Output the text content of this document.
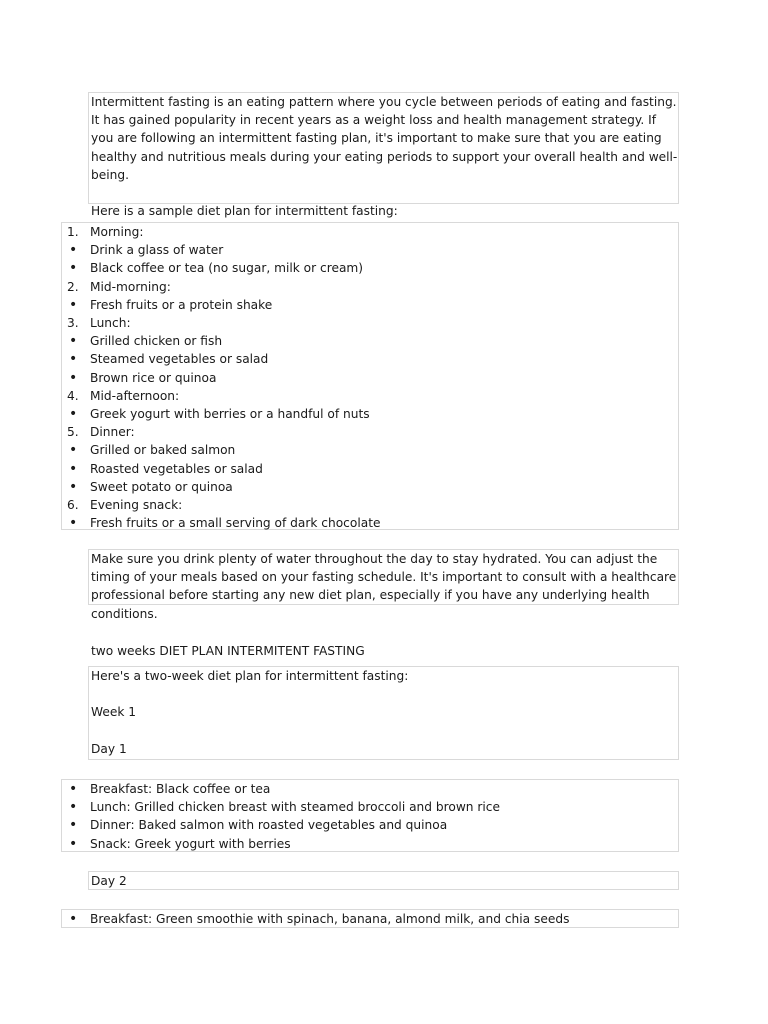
Intermittent fasting is an eating pattern where you cycle between periods of eating and fasting. It has gained popularity in recent years as a weight loss and health management strategy. If you are following an intermittent fasting plan, it's important to make sure that you are eating healthy and nutritious meals during your eating periods to support your overall health and well-being.

Here is a sample diet plan for intermittent fasting:

1. Morning:
•	Drink a glass of water
•	Black coffee or tea (no sugar, milk or cream)
2. Mid-morning:
•	Fresh fruits or a protein shake
3. Lunch:
•	Grilled chicken or fish
•	Steamed vegetables or salad
•	Brown rice or quinoa
4. Mid-afternoon:
•	Greek yogurt with berries or a handful of nuts
5. Dinner:
•	Grilled or baked salmon
•	Roasted vegetables or salad
•	Sweet potato or quinoa
6. Evening snack:
•	Fresh fruits or a small serving of dark chocolate

Make sure you drink plenty of water throughout the day to stay hydrated. You can adjust the timing of your meals based on your fasting schedule. It's important to consult with a healthcare professional before starting any new diet plan, especially if you have any underlying health conditions.

two weeks DIET PLAN INTERMITENT FASTING

Here's a two-week diet plan for intermittent fasting:

Week 1

Day 1

•	Breakfast: Black coffee or tea
•	Lunch: Grilled chicken breast with steamed broccoli and brown rice
•	Dinner: Baked salmon with roasted vegetables and quinoa
•	Snack: Greek yogurt with berries

Day 2

•	Breakfast: Green smoothie with spinach, banana, almond milk, and chia seeds
